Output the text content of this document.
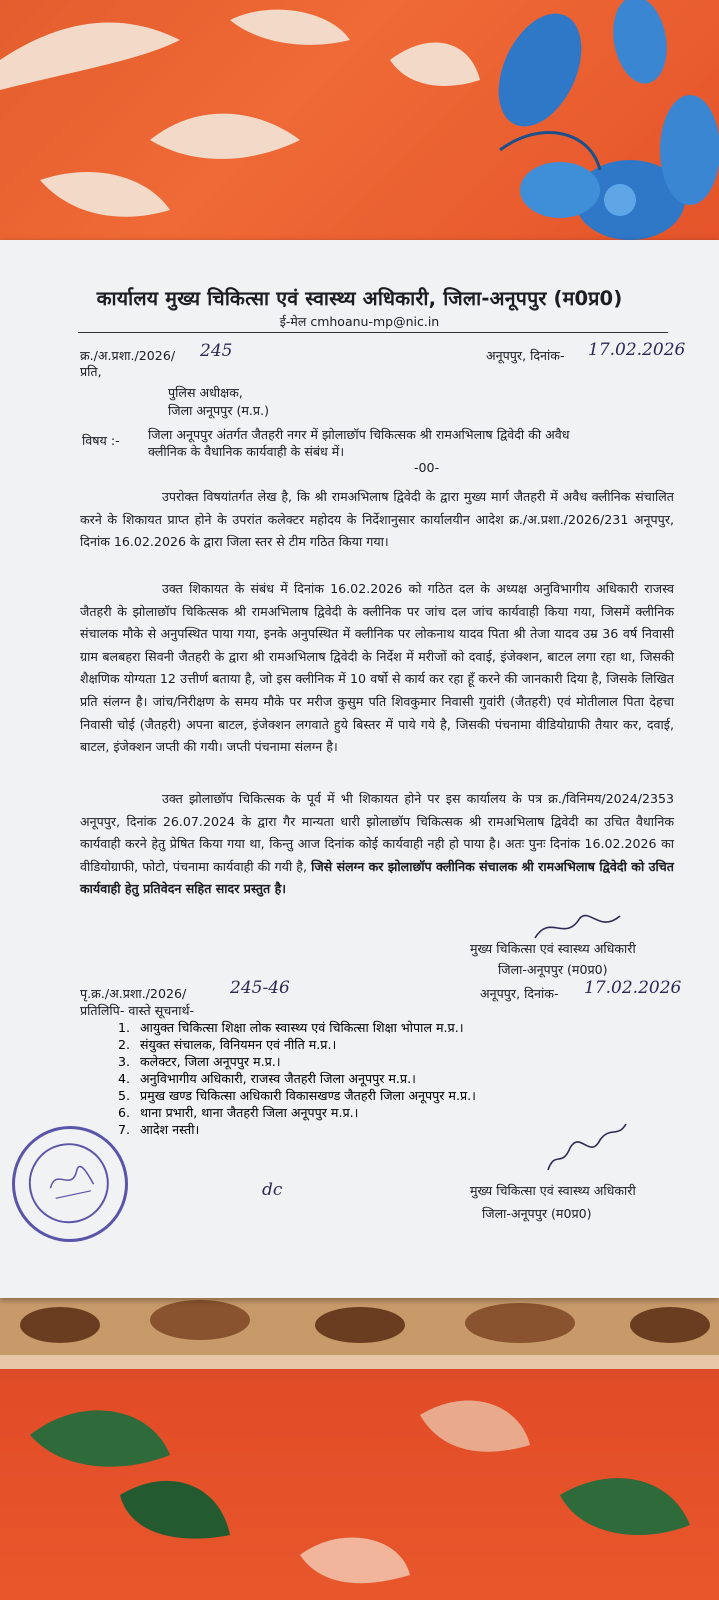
कार्यालय मुख्य चिकित्सा एवं स्वास्थ्य अधिकारी, जिला-अनूपपुर (म0प्र0)
ई-मेल cmhoanu-mp@nic.in
क्र./अ.प्रशा./2026/ 245	अनूपपुर, दिनांक- 17.02.2026
प्रति,
पुलिस अधीक्षक,
जिला अनूपपुर (म.प्र.)
विषय :- जिला अनूपपुर अंतर्गत जैतहरी नगर में झोलाछॉप चिकित्सक श्री रामअभिलाष द्विवेदी की अवैध
क्लीनिक के वैधानिक कार्यवाही के संबंध में।
-00-
उपरोक्त विषयांतर्गत लेख है, कि श्री रामअभिलाष द्विवेदी के द्वारा मुख्य मार्ग जैतहरी में अवैध क्लीनिक संचालित करने के शिकायत प्राप्त होने के उपरांत कलेक्टर महोदय के निर्देशानुसार कार्यालयीन आदेश क्र./अ.प्रशा./2026/231 अनूपपुर, दिनांक 16.02.2026 के द्वारा जिला स्तर से टीम गठित किया गया।
उक्त शिकायत के संबंध में दिनांक 16.02.2026 को गठित दल के अध्यक्ष अनुविभागीय अधिकारी राजस्व जैतहरी के झोलाछॉप चिकित्सक श्री रामअभिलाष द्विवेदी के क्लीनिक पर जांच दल जांच कार्यवाही किया गया, जिसमें क्लीनिक संचालक मौके से अनुपस्थित पाया गया, इनके अनुपस्थित में क्लीनिक पर लोकनाथ यादव पिता श्री तेजा यादव उम्र 36 वर्ष निवासी ग्राम बलबहरा सिवनी जैतहरी के द्वारा श्री रामअभिलाष द्विवेदी के निर्देश में मरीजों को दवाई, इंजेक्शन, बाटल लगा रहा था, जिसकी शैक्षणिक योग्यता 12 उत्तीर्ण बताया है, जो इस क्लीनिक में 10 वर्षो से कार्य कर रहा हूँ करने की जानकारी दिया है, जिसके लिखित प्रति संलग्न है। जांच/निरीक्षण के समय मौके पर मरीज कुसुम पति शिवकुमार निवासी गुवांरी (जैतहरी) एवं मोतीलाल पिता देहचा निवासी चोई (जैतहरी) अपना बाटल, इंजेक्शन लगवाते हुये बिस्तर में पाये गये है, जिसकी पंचनामा वीडियोग्राफी तैयार कर, दवाई, बाटल, इंजेक्शन जप्ती की गयी। जप्ती पंचनामा संलग्न है।
उक्त झोलाछॉप चिकित्सक के पूर्व में भी शिकायत होने पर इस कार्यालय के पत्र क्र./विनिमय/2024/2353 अनूपपुर, दिनांक 26.07.2024 के द्वारा गैर मान्यता धारी झोलाछॉप चिकित्सक श्री रामअभिलाष द्विवेदी का उचित वैधानिक कार्यवाही करने हेतु प्रेषित किया गया था, किन्तु आज दिनांक कोई कार्यवाही नही हो पाया है। अतः पुनः दिनांक 16.02.2026 का वीडियोग्राफी, फोटो, पंचनामा कार्यवाही की गयी है, जिसे संलग्न कर झोलाछॉप क्लीनिक संचालक श्री रामअभिलाष द्विवेदी को उचित कार्यवाही हेतु प्रतिवेदन सहित सादर प्रस्तुत है।
मुख्य चिकित्सा एवं स्वास्थ्य अधिकारी
जिला-अनूपपुर (म0प्र0)
पृ.क्र./अ.प्रशा./2026/	245-46	अनूपपुर, दिनांक- 17.02.2026
प्रतिलिपि- वास्ते सूचनार्थ-
1. आयुक्त चिकित्सा शिक्षा लोक स्वास्थ्य एवं चिकित्सा शिक्षा भोपाल म.प्र.।
2. संयुक्त संचालक, विनियमन एवं नीति म.प्र.।
3. कलेक्टर, जिला अनूपपुर म.प्र.।
4. अनुविभागीय अधिकारी, राजस्व जैतहरी जिला अनूपपुर म.प्र.।
5. प्रमुख खण्ड चिकित्सा अधिकारी विकासखण्ड जैतहरी जिला अनूपपुर म.प्र.।
6. थाना प्रभारी, थाना जैतहरी जिला अनूपपुर म.प्र.।
7. आदेश नस्ती।
dc	मुख्य चिकित्सा एवं स्वास्थ्य अधिकारी
जिला-अनूपपुर (म0प्र0)
